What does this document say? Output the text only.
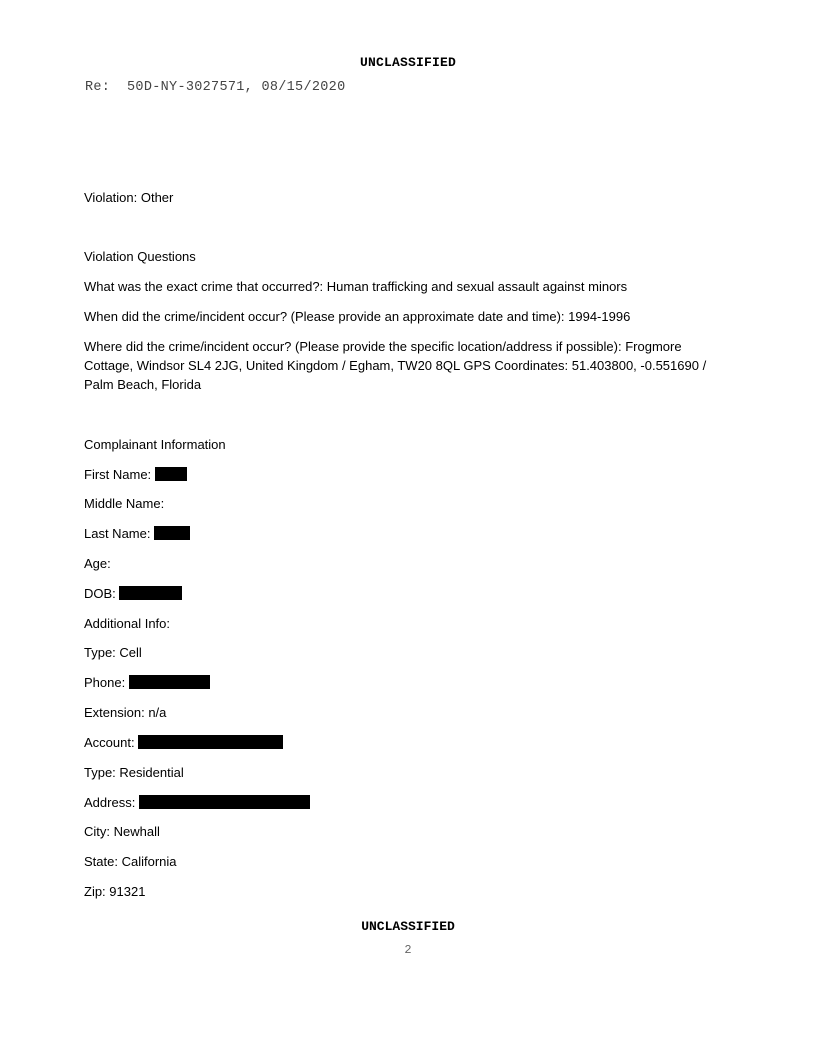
UNCLASSIFIED
Re: 50D-NY-3027571, 08/15/2020
Violation: Other
Violation Questions
What was the exact crime that occurred?: Human trafficking and sexual assault against minors
When did the crime/incident occur? (Please provide an approximate date and time): 1994-1996
Where did the crime/incident occur? (Please provide the specific location/address if possible): Frogmore Cottage, Windsor SL4 2JG, United Kingdom / Egham, TW20 8QL GPS Coordinates: 51.403800, -0.551690 / Palm Beach, Florida
Complainant Information
First Name:
Middle Name:
Last Name:
Age:
DOB:
Additional Info:
Type: Cell
Phone:
Extension: n/a
Account:
Type: Residential
Address:
City: Newhall
State: California
Zip: 91321
UNCLASSIFIED
2
